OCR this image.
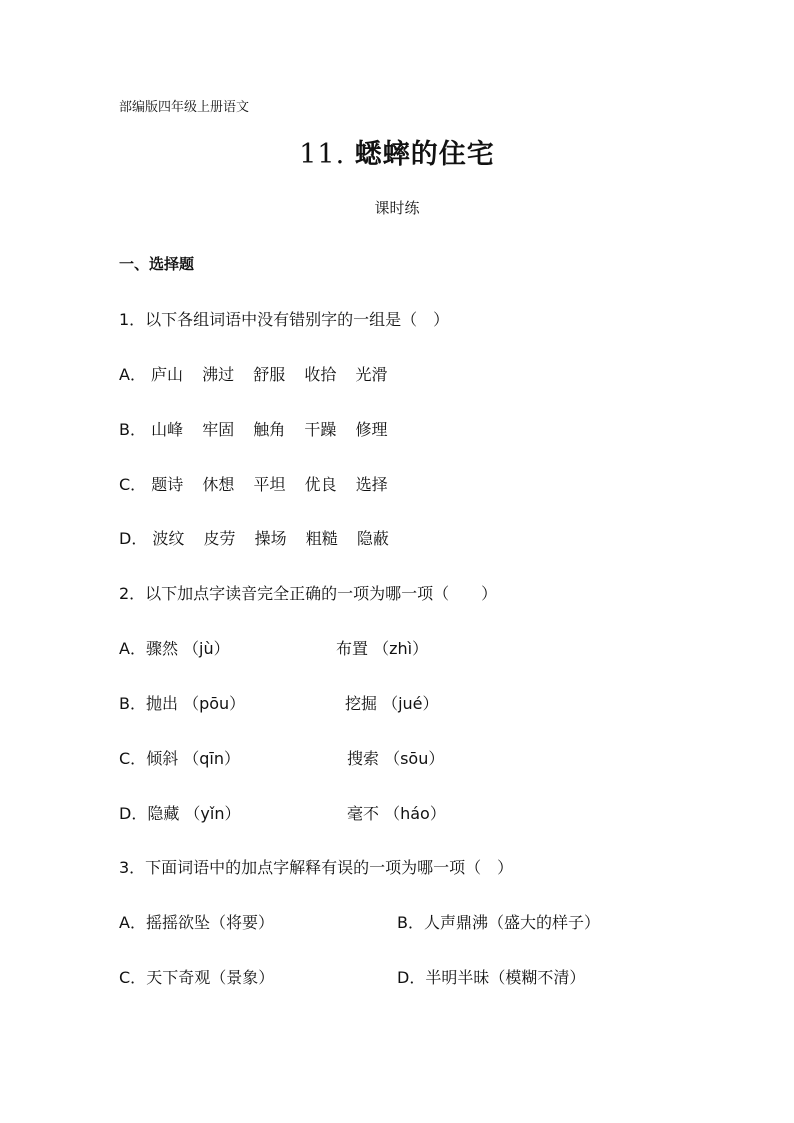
部编版四年级上册语文
11. 蟋蟀的住宅
课时练
一、选择题
1．以下各组词语中没有错别字的一组是（　）
A． 庐山 沸过 舒服 收拾 光滑
B． 山峰 牢固 触角 干躁 修理
C． 题诗 休想 平坦 优良 选择
D． 波纹 皮劳 操场 粗糙 隐蔽
2．以下加点字读音完全正确的一项为哪一项（　　）
A．骤然 （jù）	布置 （zhì）
B．抛出 （pōu）	挖掘 （jué）
C．倾斜 （qīn）	搜索 （sōu）
D．隐藏 （yǐn）	毫不 （háo）
3．下面词语中的加点字解释有误的一项为哪一项（　）
A．摇摇欲坠（将要）	B．人声鼎沸（盛大的样子）
C．天下奇观（景象）	D．半明半昧（模糊不清）
